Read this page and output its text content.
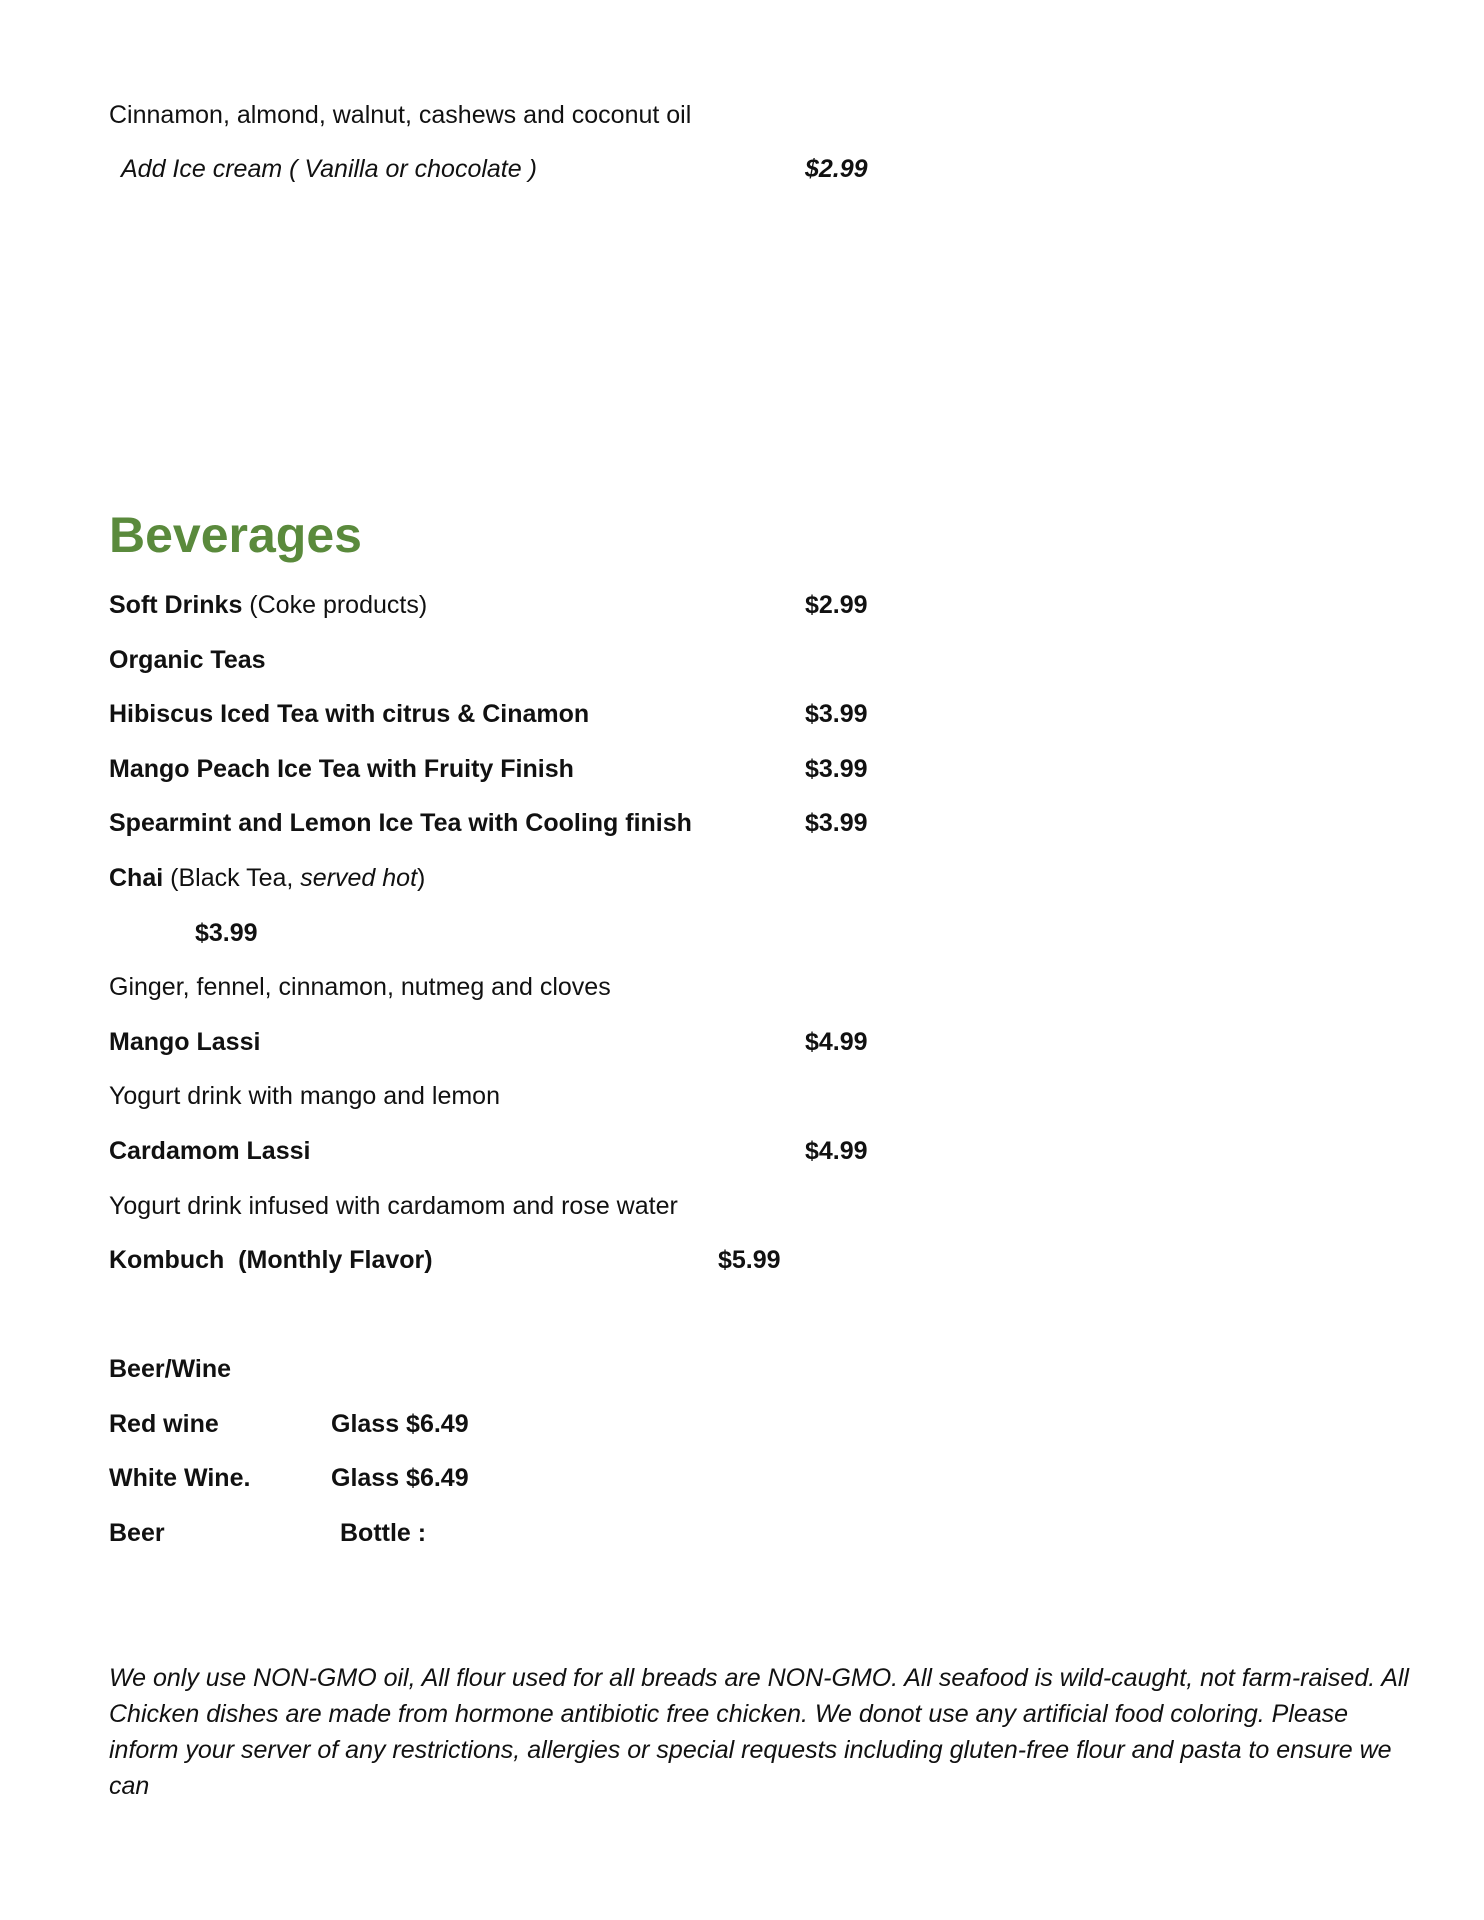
Cinnamon, almond, walnut, cashews and coconut oil
Add Ice cream ( Vanilla or chocolate )	$2.99
Beverages
Soft Drinks (Coke products)	$2.99
Organic Teas
Hibiscus Iced Tea with citrus & Cinamon	$3.99
Mango Peach Ice Tea with Fruity Finish	$3.99
Spearmint and Lemon Ice Tea with Cooling finish	$3.99
Chai (Black Tea, served hot)
$3.99
Ginger, fennel, cinnamon, nutmeg and cloves
Mango Lassi	$4.99
Yogurt drink with mango and lemon
Cardamom Lassi	$4.99
Yogurt drink infused with cardamom and rose water
Kombuch  (Monthly Flavor)	$5.99
Beer/Wine
Red wine	Glass $6.49
White Wine.	Glass $6.49
Beer	Bottle :
We only use NON-GMO oil, All flour used for all breads are NON-GMO. All seafood is wild-caught, not farm-raised. All Chicken dishes are made from hormone antibiotic free chicken. We donot use any artificial food coloring. Please inform your server of any restrictions, allergies or special requests including gluten-free flour and pasta to ensure we can
